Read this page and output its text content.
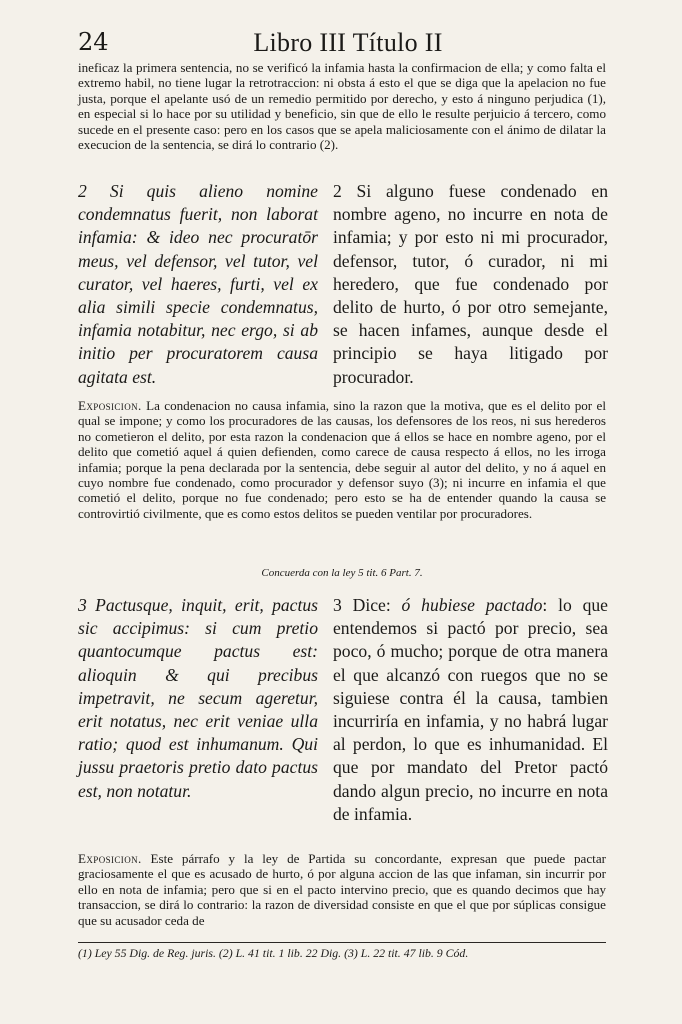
24	Libro III Título II
ineficaz la primera sentencia, no se verificó la infamia hasta la confirmacion de ella; y como falta el extremo habil, no tiene lugar la retrotraccion: ni obsta á esto el que se diga que la apelacion no fue justa, porque el apelante usó de un remedio permitido por derecho, y esto á ninguno perjudica (1), en especial si lo hace por su utilidad y beneficio, sin que de ello le resulte perjuicio á tercero, como sucede en el presente caso: pero en los casos que se apela maliciosamente con el ánimo de dilatar la execucion de la sentencia, se dirá lo contrario (2).

2 Si quis alieno nomine condemnatus fuerit, non laborat infamia: & ideo nec procuratōr meus, vel defensor, vel tutor, vel curator, vel haeres, furti, vel ex alia simili specie condemnatus, infamia notabitur, nec ergo, si ab initio per procuratorem causa agitata est.

2 Si alguno fuese condenado en nombre ageno, no incurre en nota de infamia; y por esto ni mi procurador, defensor, tutor, ó curador, ni mi heredero, que fue condenado por delito de hurto, ó por otro semejante, se hacen infames, aunque desde el principio se haya litigado por procurador.

Exposicion. La condenacion no causa infamia, sino la razon que la motiva, que es el delito por el qual se impone; y como los procuradores de las causas, los defensores de los reos, ni sus herederos no cometieron el delito, por esta razon la condenacion que á ellos se hace en nombre ageno, por el delito que cometió aquel á quien defienden, como carece de causa respecto á ellos, no les irroga infamia; porque la pena declarada por la sentencia, debe seguir al autor del delito, y no á aquel en cuyo nombre fue condenado, como procurador y defensor suyo (3); ni incurre en infamia el que cometió el delito, porque no fue condenado; pero esto se ha de entender quando la causa se controvirtió civilmente, que es como estos delitos se pueden ventilar por procuradores.
Concuerda con la ley 5 tit. 6 Part. 7.

3 Pactusque, inquit, erit, pactus sic accipimus: si cum pretio quantocumque pactus est: alioquin & qui precibus impetravit, ne secum ageretur, erit notatus, nec erit veniae ulla ratio; quod est inhumanum. Qui jussu praetoris pretio dato pactus est, non notatur.

3 Dice: ó hubiese pactado: lo que entendemos si pactó por precio, sea poco, ó mucho; porque de otra manera el que alcanzó con ruegos que no se siguiese contra él la causa, tambien incurriría en infamia, y no habrá lugar al perdon, lo que es inhumanidad. El que por mandato del Pretor pactó dando algun precio, no incurre en nota de infamia.

Exposicion. Este párrafo y la ley de Partida su concordante, expresan que puede pactar graciosamente el que es acusado de hurto, ó por alguna accion de las que infaman, sin incurrir por ello en nota de infamia; pero que si en el pacto intervino precio, que es quando decimos que hay transaccion, se dirá lo contrario: la razon de diversidad consiste en que el que por súplicas consigue que su acusador ceda de
(1) Ley 55 Dig. de Reg. juris. (2) L. 41 tit. 1 lib. 22 Dig. (3) L. 22 tit. 47 lib. 9 Cód.
